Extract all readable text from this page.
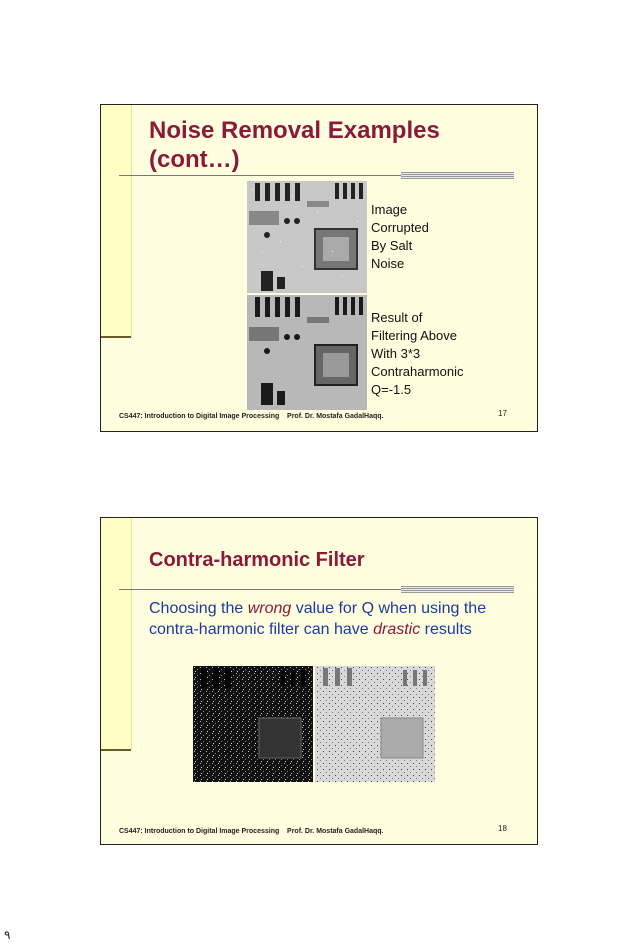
Noise Removal Examples
(cont…)
Image
Corrupted
By Salt
Noise
Result of
Filtering Above
With 3*3
Contraharmonic
Q=-1.5
CS447: Introduction to Digital Image Processing    Prof. Dr. Mostafa GadalHaqq.	17
Contra-harmonic Filter
Choosing the wrong value for Q when using the contra-harmonic filter can have drastic results
CS447: Introduction to Digital Image Processing    Prof. Dr. Mostafa GadalHaqq.	18
٩
